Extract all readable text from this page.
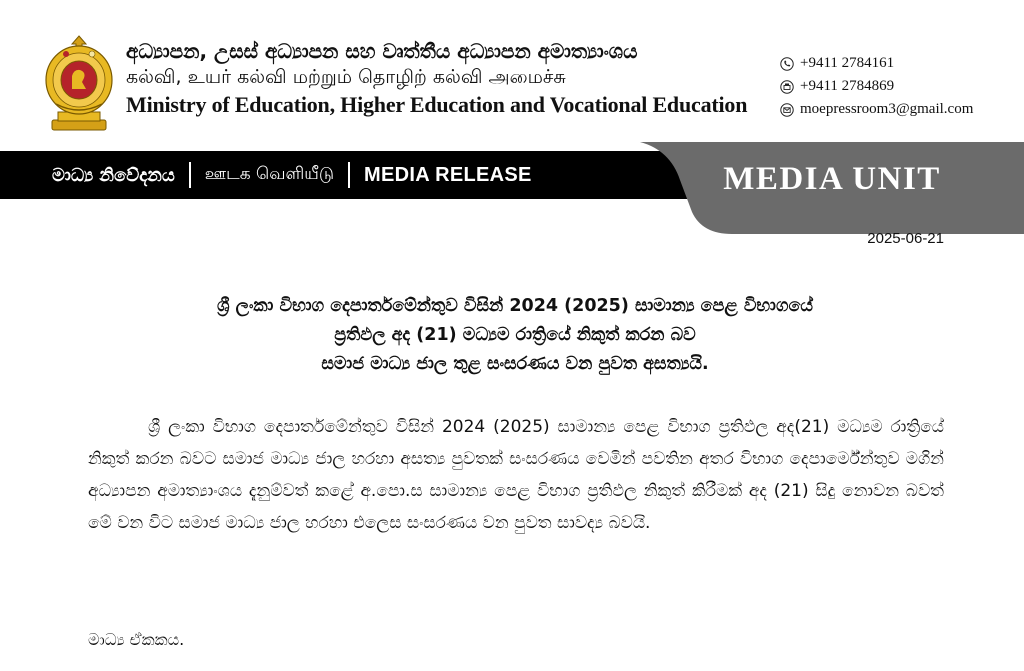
අධ්‍යාපන, උසස් අධ්‍යාපන සහ වෘත්තීය අධ්‍යාපන අමාත්‍යාංශය
கல்வி, உயர் கல்வி மற்றும் தொழிற் கல்வி அமைச்சு
Ministry of Education, Higher Education and Vocational Education
+9411 2784161
+9411 2784869
moepressroom3@gmail.com
මාධ්‍ය නිවේදනය ஊடக வெளியீடு MEDIA RELEASE	MEDIA UNIT
2025-06-21
ශ්‍රී ලංකා විභාග දෙපාර්තමේන්තුව විසින් 2024 (2025) සාමාන්‍ය පෙළ විභාගයේ
ප්‍රතිඵල අද (21) මධ්‍යම රාත්‍රියේ නිකුත් කරන බව
සමාජ මාධ්‍ය ජාල තුළ සංසරණය වන පුවත අසත්‍යයි.

ශ්‍රී ලංකා විභාග දෙපාර්තමේන්තුව විසින් 2024 (2025) සාමාන්‍ය පෙළ විභාග ප්‍රතිඵල අද(21) මධ්‍යම රාත්‍රියේ නිකුත් කරන බවට සමාජ මාධ්‍ය ජාල හරහා අසත්‍ය පුවතක් සංසරණය වෙමින් පවතින අතර විභාග දෙපාර්මේන්තුව මගින් අධ්‍යාපන අමාත්‍යාංශය දැනුම්වත් කළේ අ.පො.ස සාමාන්‍ය පෙළ විභාග ප්‍රතිඵල නිකුත් කිරීමක් අද (21) සිදු නොවන බවත් මේ වන විට සමාජ මාධ්‍ය ජාල හරහා එලෙස සංසරණය වන පුවත සාවද්‍ය බවයි.

මාධ්‍ය ඒකකය.
